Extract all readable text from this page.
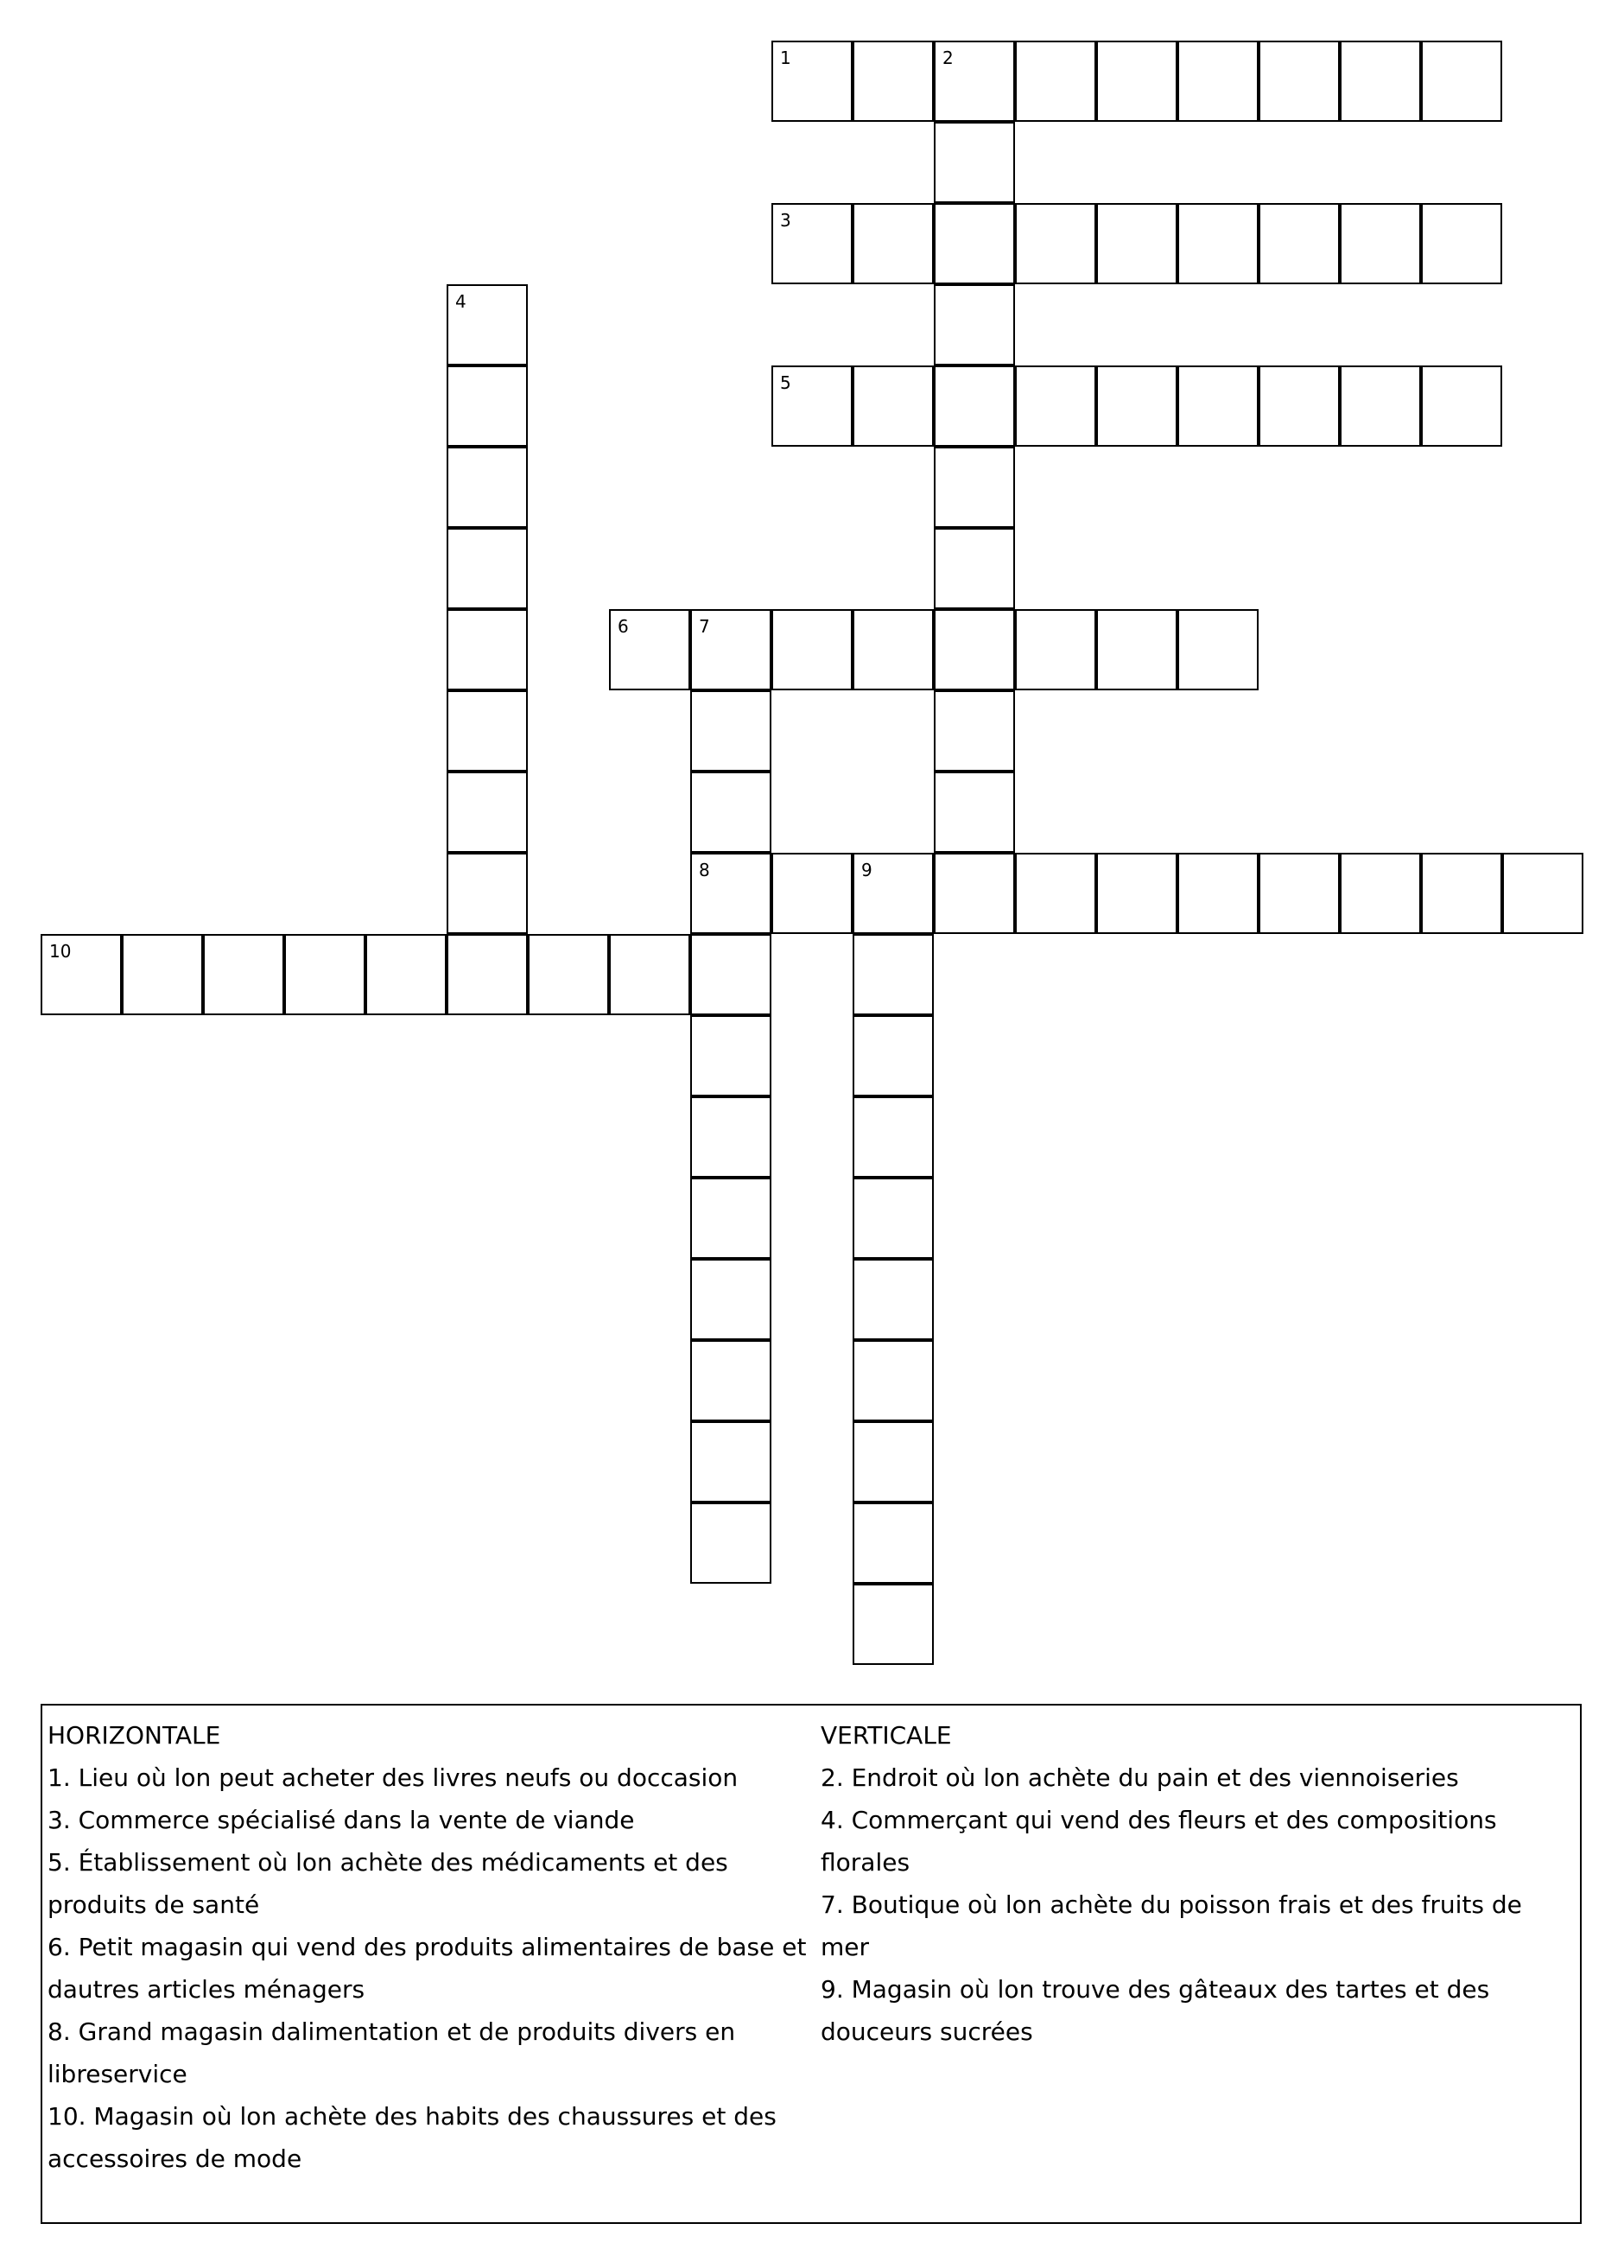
1	2
3
4
5
6	7
8	9
10
HORIZONTALE
1. Lieu où lon peut acheter des livres neufs ou doccasion
3. Commerce spécialisé dans la vente de viande
5. Établissement où lon achète des médicaments et des produits de santé
6. Petit magasin qui vend des produits alimentaires de base et dautres articles ménagers
8. Grand magasin dalimentation et de produits divers en libreservice
10. Magasin où lon achète des habits des chaussures et des accessoires de mode
VERTICALE
2. Endroit où lon achète du pain et des viennoiseries
4. Commerçant qui vend des fleurs et des compositions florales
7. Boutique où lon achète du poisson frais et des fruits de mer
9. Magasin où lon trouve des gâteaux des tartes et des douceurs sucrées
